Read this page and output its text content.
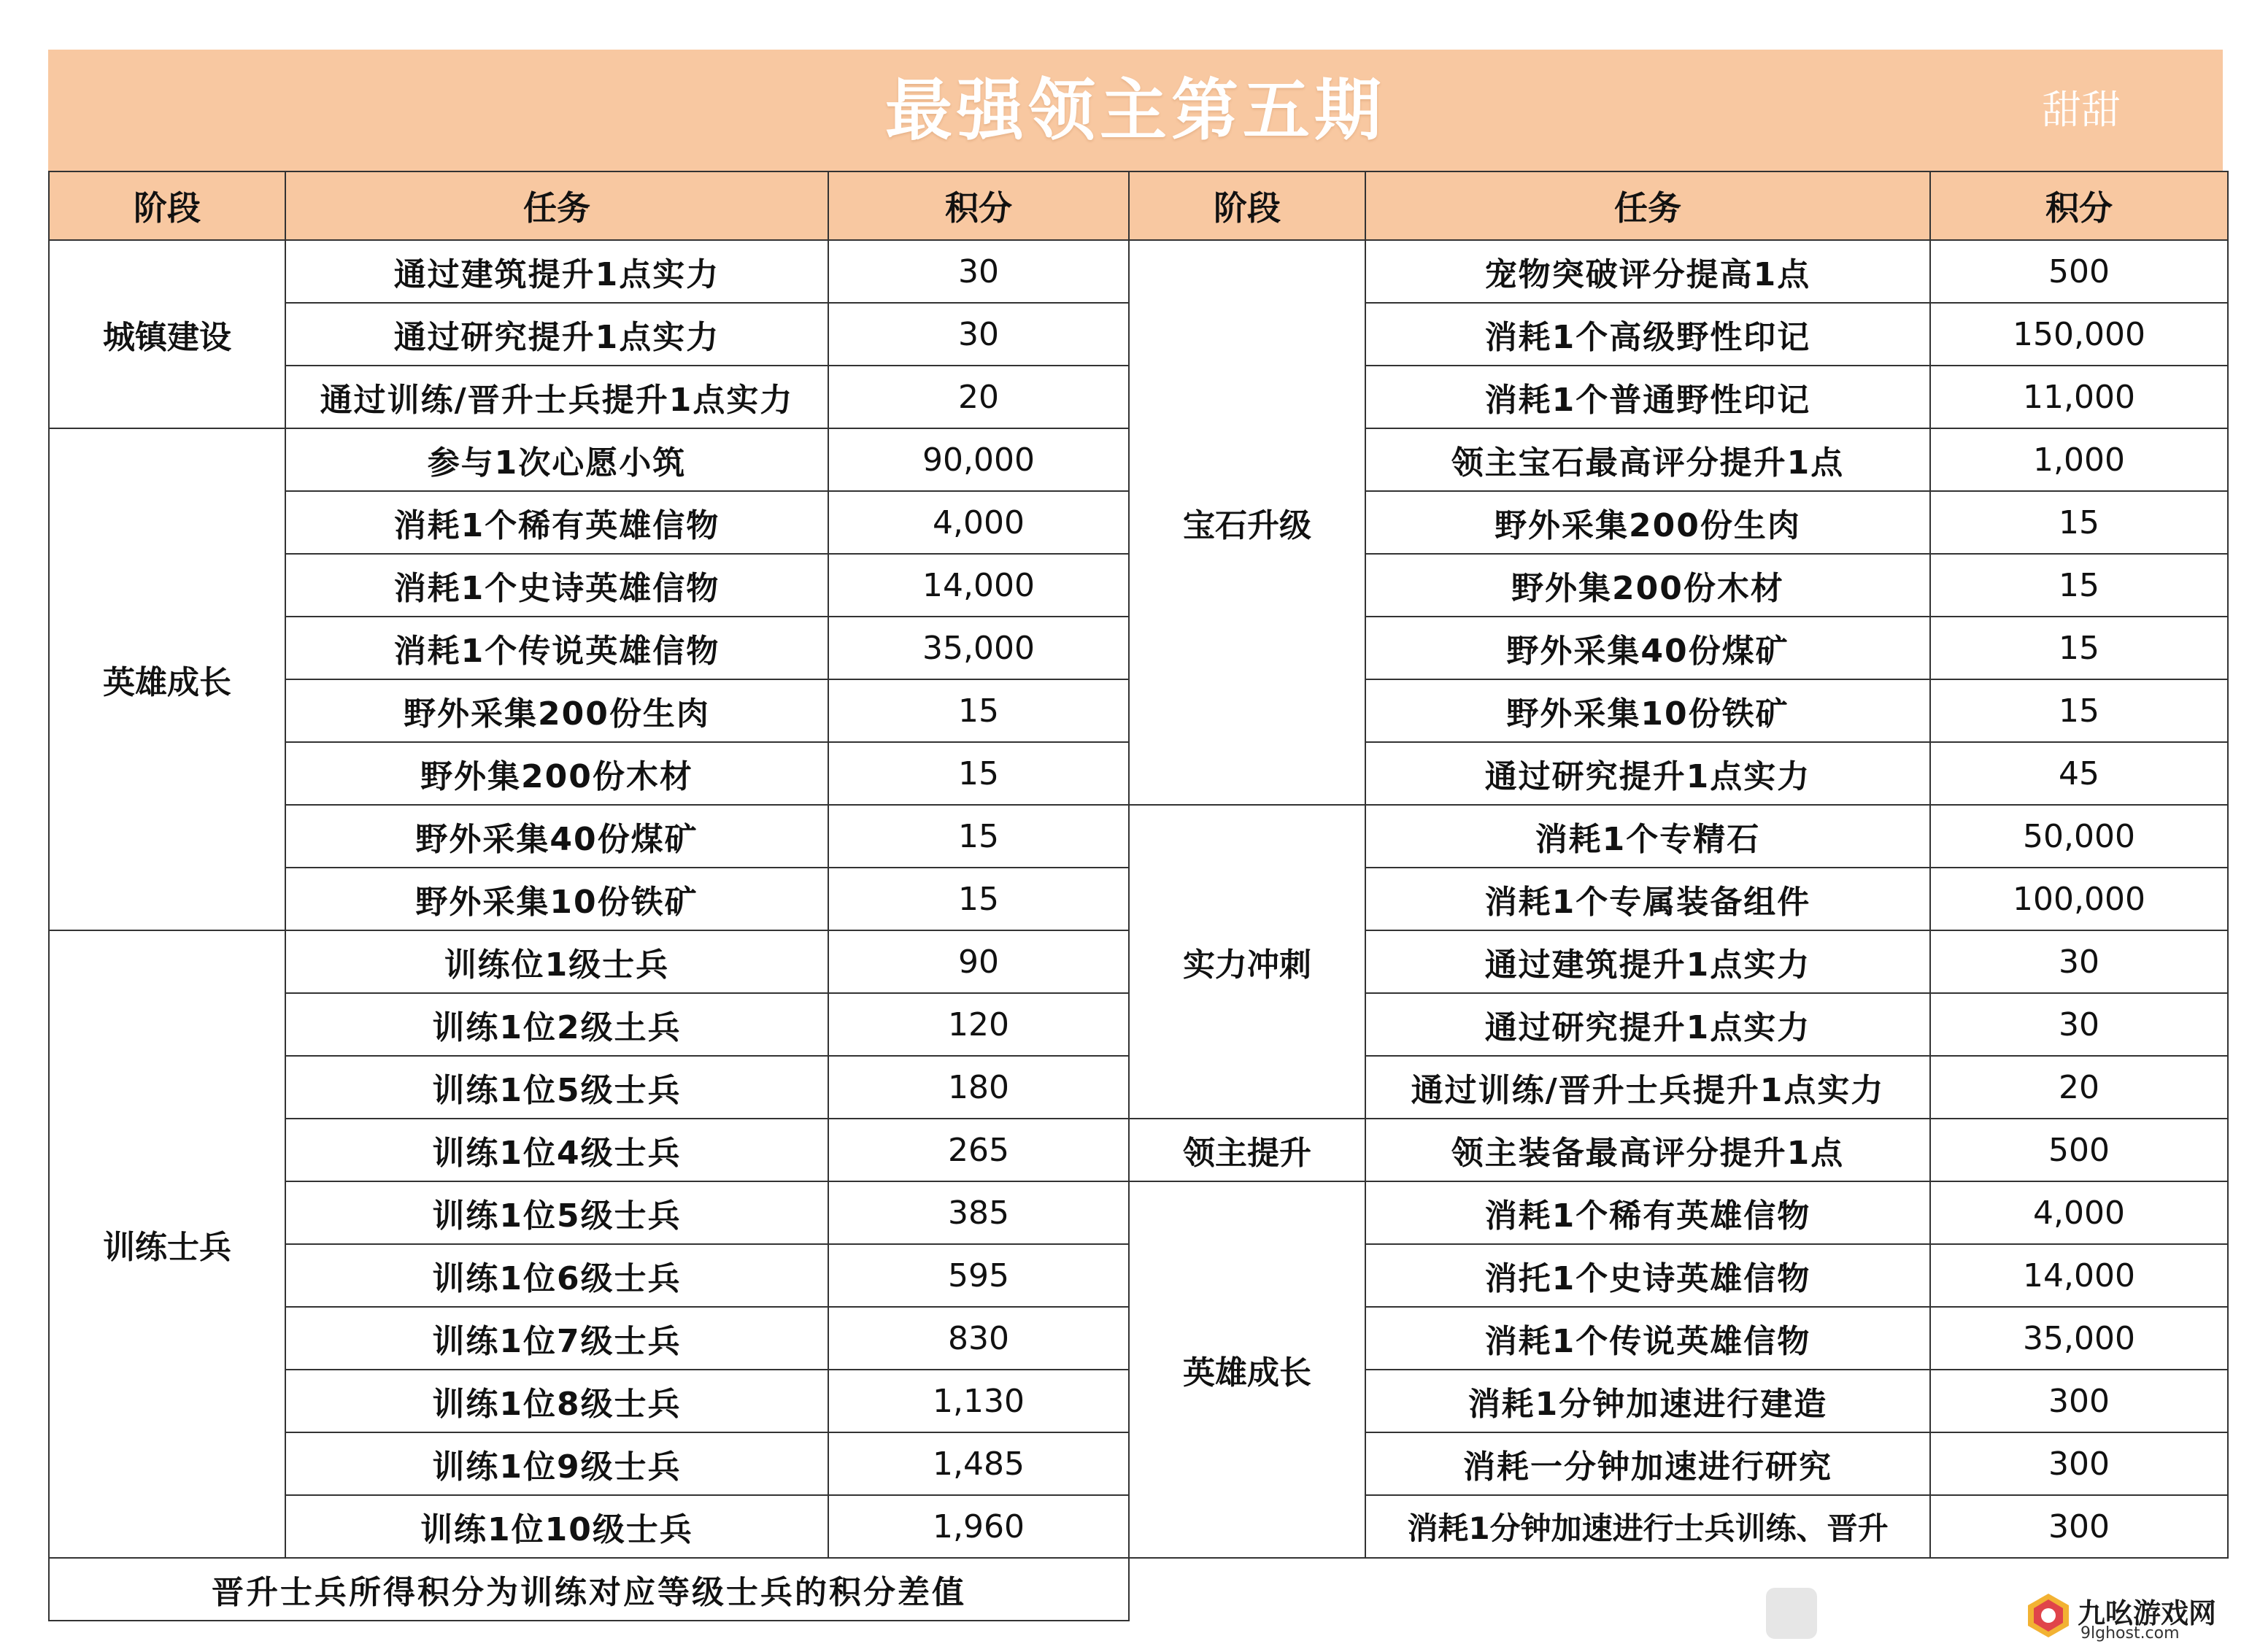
最强领主第五期	甜甜
阶段	任务	积分	阶段	任务	积分
城镇建设	通过建筑提升1点实力	30	宝石升级	宠物突破评分提高1点	500
	通过研究提升1点实力	30		消耗1个高级野性印记	150,000
	通过训练/晋升士兵提升1点实力	20		消耗1个普通野性印记	11,000
英雄成长	参与1次心愿小筑	90,000		领主宝石最高评分提升1点	1,000
	消耗1个稀有英雄信物	4,000		野外采集200份生肉	15
	消耗1个史诗英雄信物	14,000		野外集200份木材	15
	消耗1个传说英雄信物	35,000		野外采集40份煤矿	15
	野外采集200份生肉	15		野外采集10份铁矿	15
	野外集200份木材	15		通过研究提升1点实力	45
	野外采集40份煤矿	15	实力冲刺	消耗1个专精石	50,000
	野外采集10份铁矿	15		消耗1个专属装备组件	100,000
训练士兵	训练位1级士兵	90		通过建筑提升1点实力	30
	训练1位2级土兵	120		通过研究提升1点实力	30
	训练1位5级士兵	180		通过训练/晋升士兵提升1点实力	20
	训练1位4级士兵	265	领主提升	领主装备最高评分提升1点	500
	训练1位5级士兵	385	英雄成长	消耗1个稀有英雄信物	4,000
	训练1位6级士兵	595		消托1个史诗英雄信物	14,000
	训练1位7级士兵	830		消耗1个传说英雄信物	35,000
	训练1位8级士兵	1,130		消耗1分钟加速进行建造	300
	训练1位9级士兵	1,485		消耗一分钟加速进行研究	300
	训练1位10级士兵	1,960		消耗1分钟加速进行士兵训练、晋升	300
晋升士兵所得积分为训练对应等级士兵的积分差值					
九吆游戏网
9lghost.com
